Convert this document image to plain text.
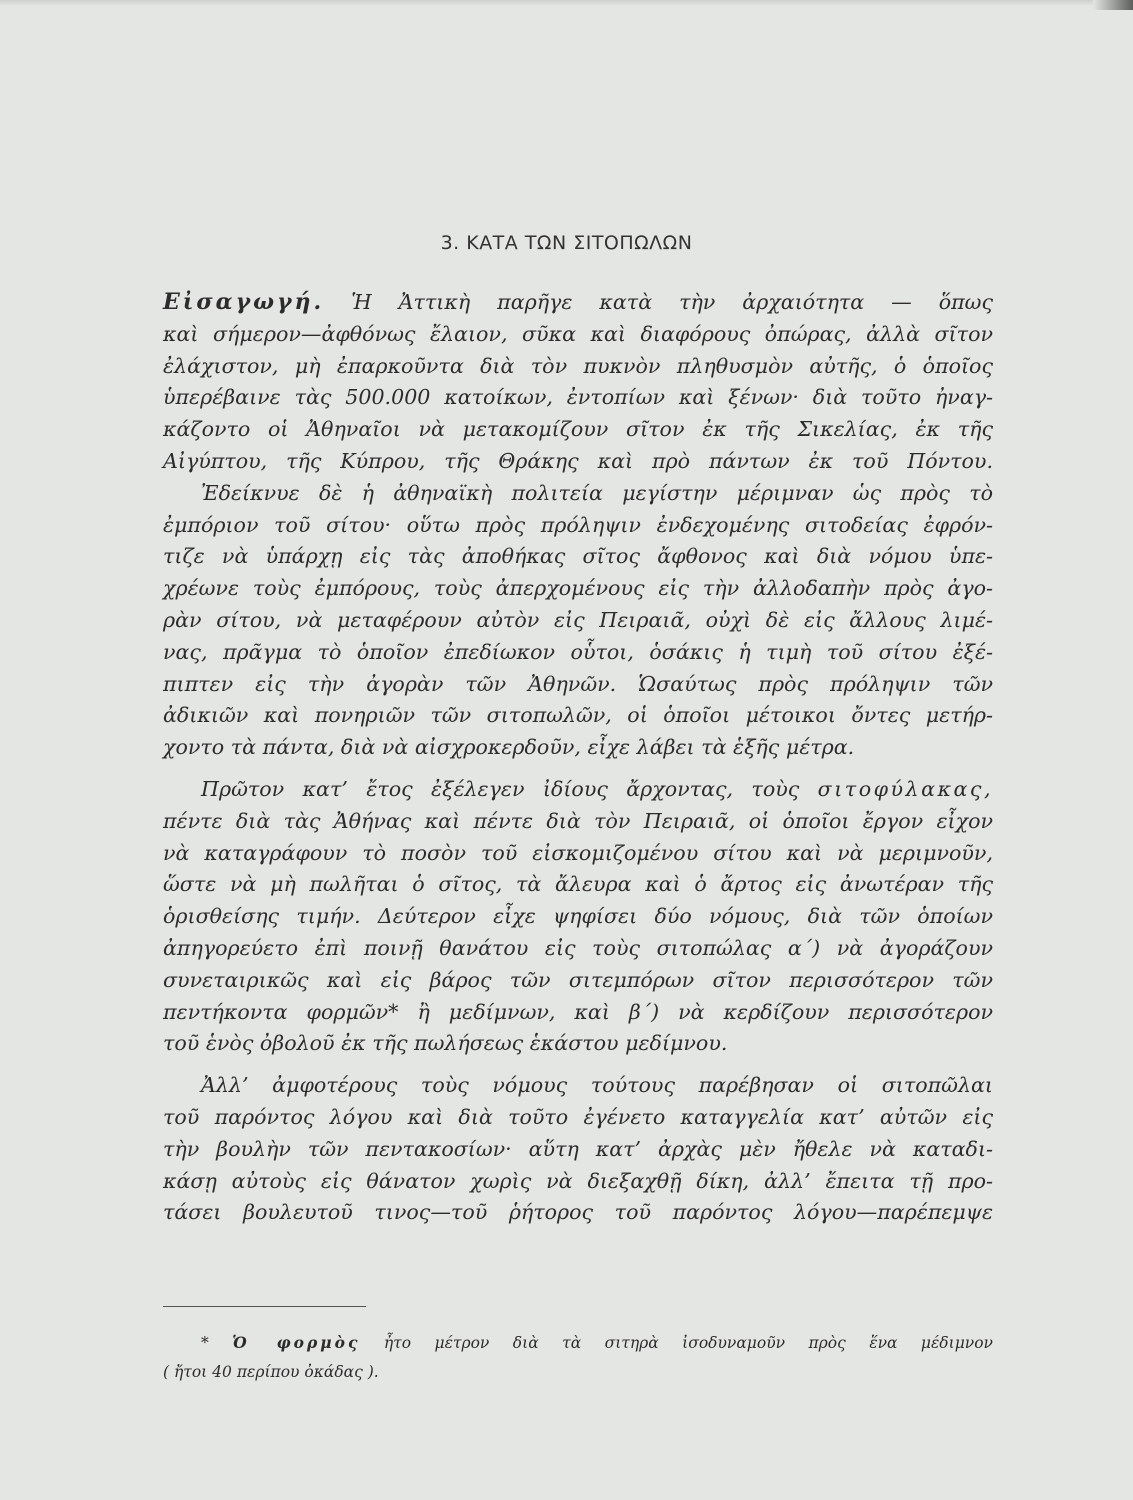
3. ΚΑΤΑ ΤΩΝ ΣΙΤΟΠΩΛΩΝ
Εἰσαγωγή. Ἡ Ἀττικὴ παρῆγε κατὰ τὴν ἀρχαιότητα — ὅπως
καὶ σήμερον—ἀφθόνως ἔλαιον, σῦκα καὶ διαφόρους ὀπώρας, ἀλλὰ σῖτον
ἐλάχιστον, μὴ ἐπαρκοῦντα διὰ τὸν πυκνὸν πληθυσμὸν αὐτῆς, ὁ ὁποῖος
ὑπερέβαινε τὰς 500.000 κατοίκων, ἐντοπίων καὶ ξένων· διὰ τοῦτο ἠναγ-
κάζοντο οἱ Ἀθηναῖοι νὰ μετακομίζουν σῖτον ἐκ τῆς Σικελίας, ἐκ τῆς
Αἰγύπτου, τῆς Κύπρου, τῆς Θράκης καὶ πρὸ πάντων ἐκ τοῦ Πόντου.
Ἐδείκνυε δὲ ἡ ἀθηναϊκὴ πολιτεία μεγίστην μέριμναν ὡς πρὸς τὸ
ἐμπόριον τοῦ σίτου· οὕτω πρὸς πρόληψιν ἐνδεχομένης σιτοδείας ἐφρόν-
τιζε νὰ ὑπάρχῃ εἰς τὰς ἀποθήκας σῖτος ἄφθονος καὶ διὰ νόμου ὑπε-
χρέωνε τοὺς ἐμπόρους, τοὺς ἀπερχομένους εἰς τὴν ἀλλοδαπὴν πρὸς ἀγο-
ρὰν σίτου, νὰ μεταφέρουν αὐτὸν εἰς Πειραιᾶ, οὐχὶ δὲ εἰς ἄλλους λιμέ-
νας, πρᾶγμα τὸ ὁποῖον ἐπεδίωκον οὗτοι, ὁσάκις ἡ τιμὴ τοῦ σίτου ἐξέ-
πιπτεν εἰς τὴν ἀγορὰν τῶν Ἀθηνῶν. Ὡσαύτως πρὸς πρόληψιν τῶν
ἀδικιῶν καὶ πονηριῶν τῶν σιτοπωλῶν, οἱ ὁποῖοι μέτοικοι ὄντες μετήρ-
χοντο τὰ πάντα, διὰ νὰ αἰσχροκερδοῦν, εἶχε λάβει τὰ ἑξῆς μέτρα.
Πρῶτον κατ’ ἔτος ἐξέλεγεν ἰδίους ἄρχοντας, τοὺς σιτοφύλακας,
πέντε διὰ τὰς Ἀθήνας καὶ πέντε διὰ τὸν Πειραιᾶ, οἱ ὁποῖοι ἔργον εἶχον
νὰ καταγράφουν τὸ ποσὸν τοῦ εἰσκομιζομένου σίτου καὶ νὰ μεριμνοῦν,
ὥστε νὰ μὴ πωλῆται ὁ σῖτος, τὰ ἄλευρα καὶ ὁ ἄρτος εἰς ἀνωτέραν τῆς
ὁρισθείσης τιμήν. Δεύτερον εἶχε ψηφίσει δύο νόμους, διὰ τῶν ὁποίων
ἀπηγορεύετο ἐπὶ ποινῇ θανάτου εἰς τοὺς σιτοπώλας α΄) νὰ ἀγοράζουν
συνεταιρικῶς καὶ εἰς βάρος τῶν σιτεμπόρων σῖτον περισσότερον τῶν
πεντήκοντα φορμῶν* ἢ μεδίμνων, καὶ β΄) νὰ κερδίζουν περισσότερον
τοῦ ἑνὸς ὀβολοῦ ἐκ τῆς πωλήσεως ἑκάστου μεδίμνου.
Ἀλλ’ ἀμφοτέρους τοὺς νόμους τούτους παρέβησαν οἱ σιτοπῶλαι
τοῦ παρόντος λόγου καὶ διὰ τοῦτο ἐγένετο καταγγελία κατ’ αὐτῶν εἰς
τὴν βουλὴν τῶν πεντακοσίων· αὕτη κατ’ ἀρχὰς μὲν ἤθελε νὰ καταδι-
κάσῃ αὐτοὺς εἰς θάνατον χωρὶς νὰ διεξαχθῇ δίκη, ἀλλ’ ἔπειτα τῇ προ-
τάσει βουλευτοῦ τινος—τοῦ ῥήτορος τοῦ παρόντος λόγου—παρέπεμψε
* Ὁ φορμὸς ἦτο μέτρον διὰ τὰ σιτηρὰ ἰσοδυναμοῦν πρὸς ἕνα μέδιμνον
( ἤτοι 40 περίπου ὀκάδας ).
